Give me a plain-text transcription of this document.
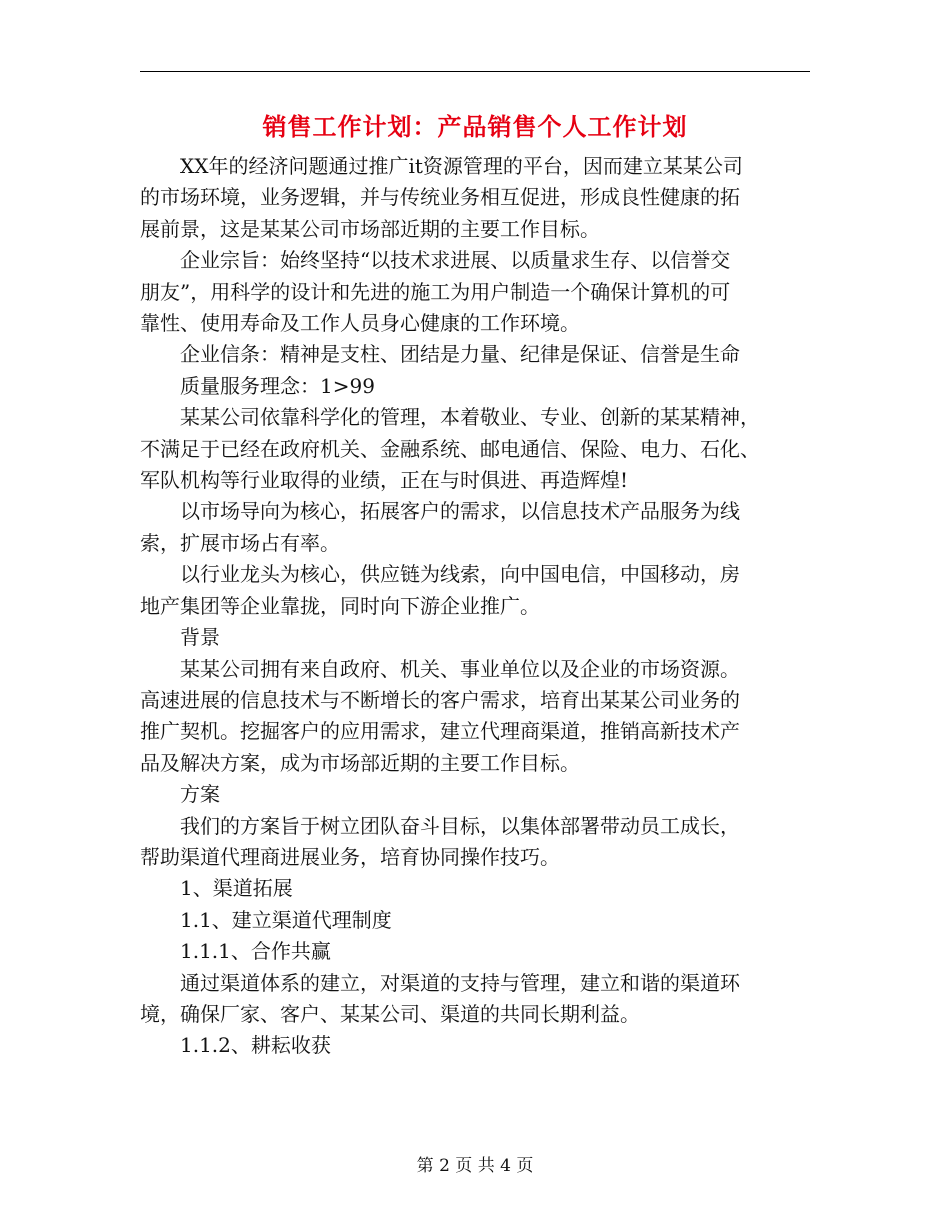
销售工作计划：产品销售个人工作计划

XX年的经济问题通过推广it资源管理的平台，因而建立某某公司

的市场环境，业务逻辑，并与传统业务相互促进，形成良性健康的拓

展前景，这是某某公司市场部近期的主要工作目标。

企业宗旨：始终坚持“以技术求进展、以质量求生存、以信誉交

朋友”，用科学的设计和先进的施工为用户制造一个确保计算机的可

靠性、使用寿命及工作人员身心健康的工作环境。

企业信条：精神是支柱、团结是力量、纪律是保证、信誉是生命

质量服务理念：1>99

某某公司依靠科学化的管理，本着敬业、专业、创新的某某精神，

不满足于已经在政府机关、金融系统、邮电通信、保险、电力、石化、

军队机构等行业取得的业绩，正在与时俱进、再造辉煌!

以市场导向为核心，拓展客户的需求，以信息技术产品服务为线

索，扩展市场占有率。

以行业龙头为核心，供应链为线索，向中国电信，中国移动，房

地产集团等企业靠拢，同时向下游企业推广。

背景

某某公司拥有来自政府、机关、事业单位以及企业的市场资源。

高速进展的信息技术与不断增长的客户需求，培育出某某公司业务的

推广契机。挖掘客户的应用需求，建立代理商渠道，推销高新技术产

品及解决方案，成为市场部近期的主要工作目标。

方案

我们的方案旨于树立团队奋斗目标，以集体部署带动员工成长，

帮助渠道代理商进展业务，培育协同操作技巧。

1、渠道拓展

1.1、建立渠道代理制度

1.1.1、合作共赢

通过渠道体系的建立，对渠道的支持与管理，建立和谐的渠道环

境，确保厂家、客户、某某公司、渠道的共同长期利益。

1.1.2、耕耘收获

第 2 页 共 4 页
